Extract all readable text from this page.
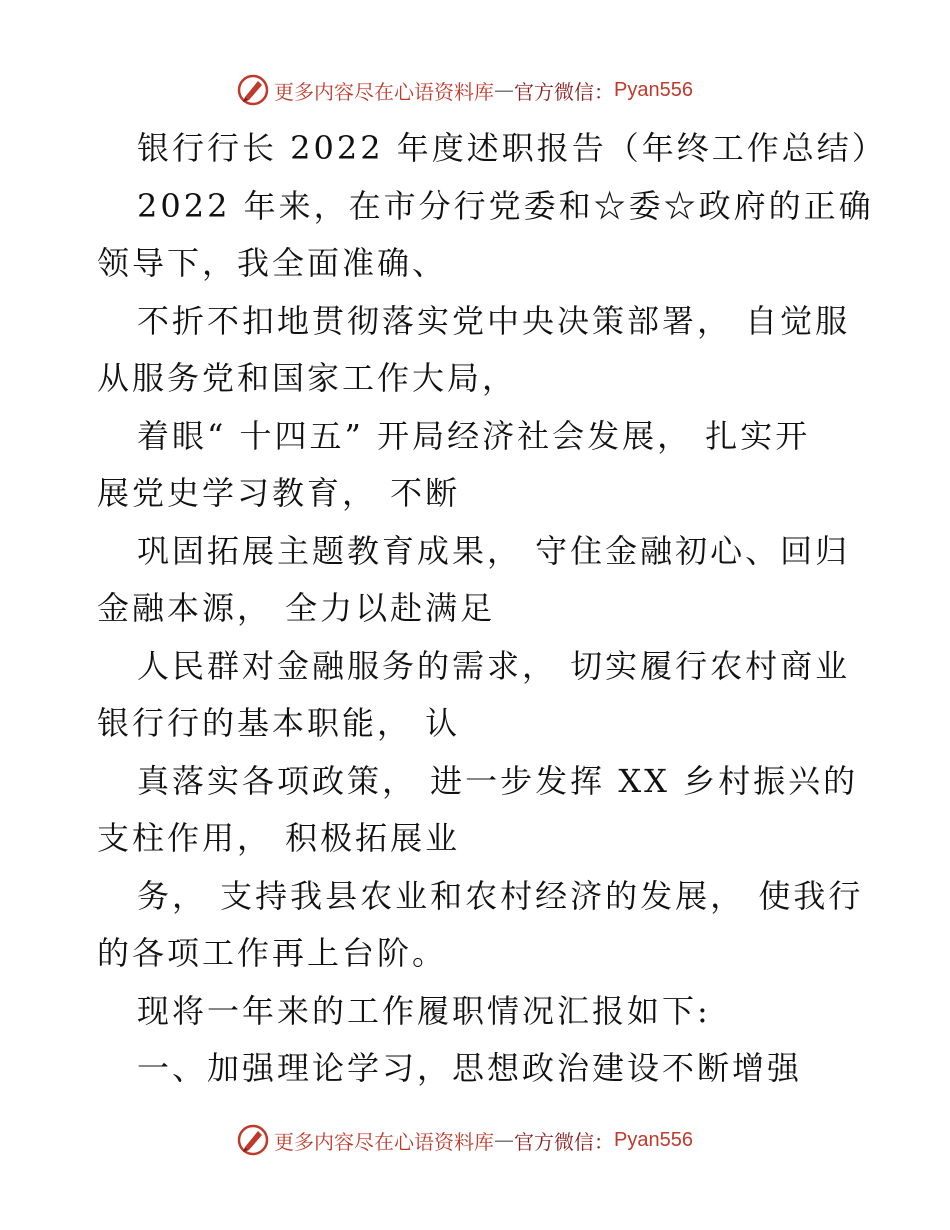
更多内容尽在心语资料库 — 官方微信： Pyan556
银行行长 2022 年度述职报告（年终工作总结）
2022 年来，在市分行党委和☆委☆政府的正确
领导下，我全面准确、
不折不扣地贯彻落实党中央决策部署， 自觉服
从服务党和国家工作大局，
着眼“ 十四五” 开局经济社会发展， 扎实开
展党史学习教育， 不断
巩固拓展主题教育成果， 守住金融初心、回归
金融本源， 全力以赴满足
人民群对金融服务的需求， 切实履行农村商业
银行行的基本职能， 认
真落实各项政策， 进一步发挥 XX 乡村振兴的
支柱作用， 积极拓展业
务， 支持我县农业和农村经济的发展， 使我行
的各项工作再上台阶。
现将一年来的工作履职情况汇报如下:
一、加强理论学习，思想政治建设不断增强
更多内容尽在心语资料库 — 官方微信： Pyan556
